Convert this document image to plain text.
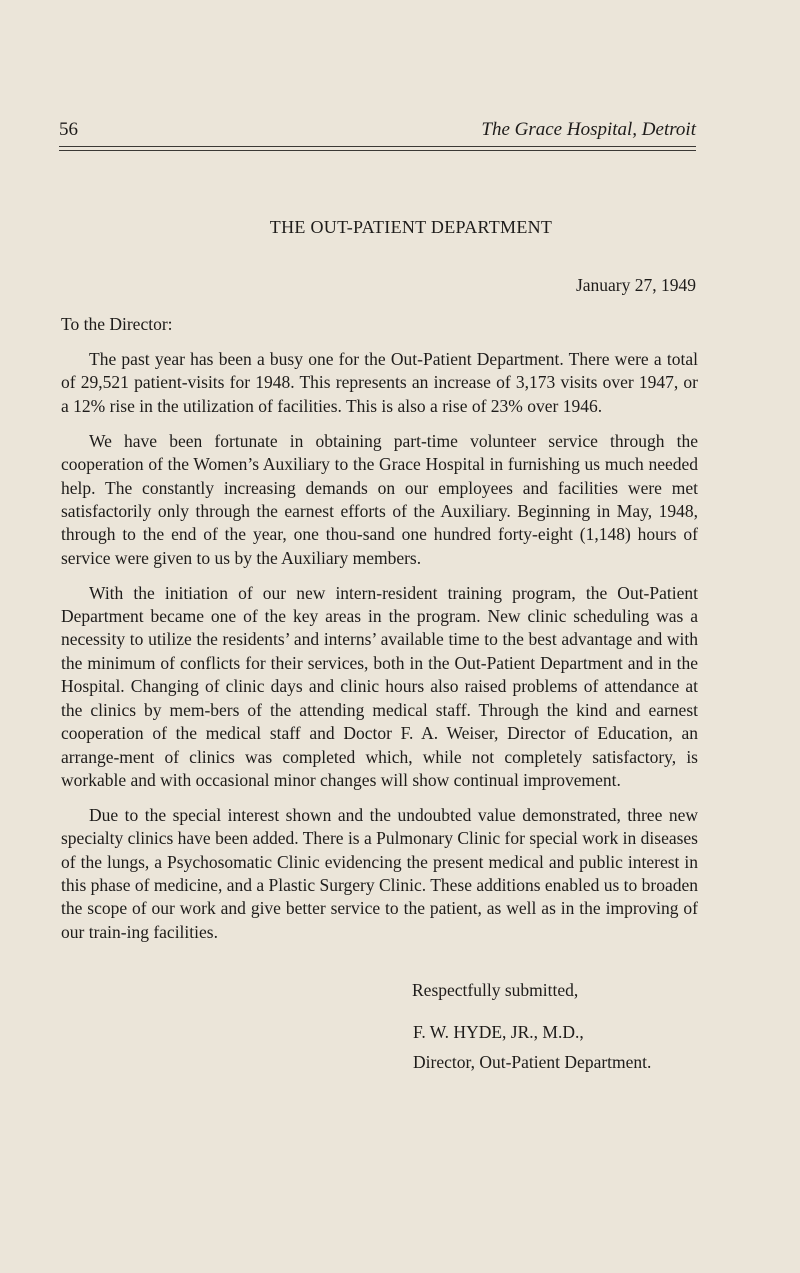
56	The Grace Hospital, Detroit
THE OUT-PATIENT DEPARTMENT
January 27, 1949
To the Director:

The past year has been a busy one for the Out-Patient Department. There were a total of 29,521 patient-visits for 1948. This represents an increase of 3,173 visits over 1947, or a 12% rise in the utilization of facilities. This is also a rise of 23% over 1946.

We have been fortunate in obtaining part-time volunteer service through the cooperation of the Women’s Auxiliary to the Grace Hospital in furnishing us much needed help. The constantly increasing demands on our employees and facilities were met satisfactorily only through the earnest efforts of the Auxiliary. Beginning in May, 1948, through to the end of the year, one thou-sand one hundred forty-eight (1,148) hours of service were given to us by the Auxiliary members.

With the initiation of our new intern-resident training program, the Out-Patient Department became one of the key areas in the program. New clinic scheduling was a necessity to utilize the residents’ and interns’ available time to the best advantage and with the minimum of conflicts for their services, both in the Out-Patient Department and in the Hospital. Changing of clinic days and clinic hours also raised problems of attendance at the clinics by mem-bers of the attending medical staff. Through the kind and earnest cooperation of the medical staff and Doctor F. A. Weiser, Director of Education, an arrange-ment of clinics was completed which, while not completely satisfactory, is workable and with occasional minor changes will show continual improvement.

Due to the special interest shown and the undoubted value demonstrated, three new specialty clinics have been added. There is a Pulmonary Clinic for special work in diseases of the lungs, a Psychosomatic Clinic evidencing the present medical and public interest in this phase of medicine, and a Plastic Surgery Clinic. These additions enabled us to broaden the scope of our work and give better service to the patient, as well as in the improving of our train-ing facilities.

Respectfully submitted,
F. W. HYDE, JR., M.D.,
Director, Out-Patient Department.
